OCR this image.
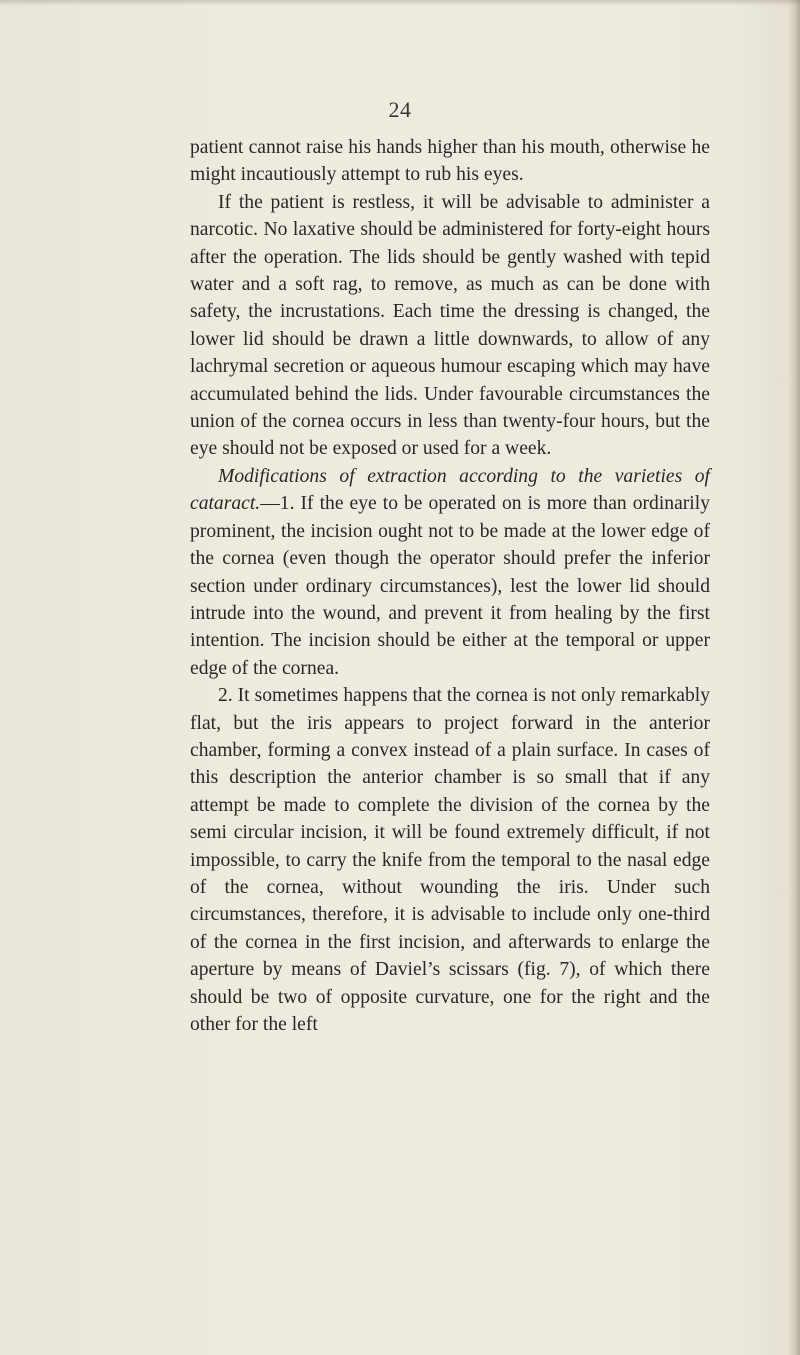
24

patient cannot raise his hands higher than his mouth, otherwise he might incautiously attempt to rub his eyes.

If the patient is restless, it will be advisable to administer a narcotic. No laxative should be administered for forty-eight hours after the operation. The lids should be gently washed with tepid water and a soft rag, to remove, as much as can be done with safety, the incrustations. Each time the dressing is changed, the lower lid should be drawn a little downwards, to allow of any lachrymal secretion or aqueous humour escaping which may have accumulated behind the lids. Under favourable circumstances the union of the cornea occurs in less than twenty-four hours, but the eye should not be exposed or used for a week.

Modifications of extraction according to the varieties of cataract.—1. If the eye to be operated on is more than ordinarily prominent, the incision ought not to be made at the lower edge of the cornea (even though the operator should prefer the inferior section under ordinary circumstances), lest the lower lid should intrude into the wound, and prevent it from healing by the first intention. The incision should be either at the temporal or upper edge of the cornea.

2. It sometimes happens that the cornea is not only remarkably flat, but the iris appears to project forward in the anterior chamber, forming a convex instead of a plain surface. In cases of this description the anterior chamber is so small that if any attempt be made to complete the division of the cornea by the semi circular incision, it will be found extremely difficult, if not impossible, to carry the knife from the temporal to the nasal edge of the cornea, without wounding the iris. Under such circumstances, therefore, it is advisable to include only one-third of the cornea in the first incision, and afterwards to enlarge the aperture by means of Daviel’s scissars (fig. 7), of which there should be two of opposite curvature, one for the right and the other for the left
